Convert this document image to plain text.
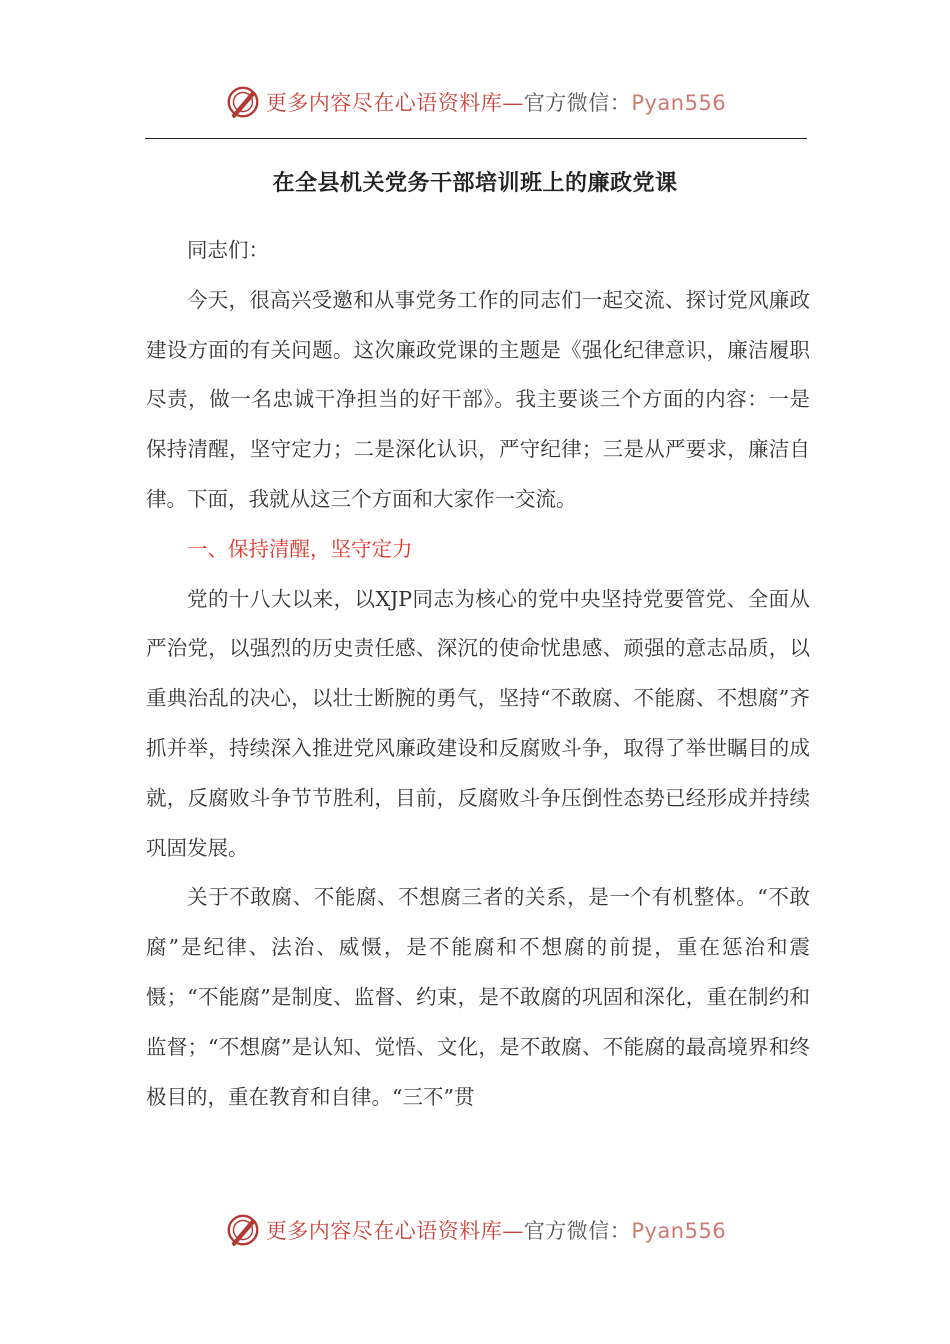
更多内容尽在心语资料库—官方微信：Pyan556
在全县机关党务干部培训班上的廉政党课

同志们：

今天，很高兴受邀和从事党务工作的同志们一起交流、探讨党风廉政建设方面的有关问题。这次廉政党课的主题是《强化纪律意识，廉洁履职尽责，做一名忠诚干净担当的好干部》。我主要谈三个方面的内容：一是保持清醒，坚守定力；二是深化认识，严守纪律；三是从严要求，廉洁自律。下面，我就从这三个方面和大家作一交流。

一、保持清醒，坚守定力

党的十八大以来，以XJP同志为核心的党中央坚持党要管党、全面从严治党，以强烈的历史责任感、深沉的使命忧患感、顽强的意志品质，以重典治乱的决心，以壮士断腕的勇气，坚持“不敢腐、不能腐、不想腐”齐抓并举，持续深入推进党风廉政建设和反腐败斗争，取得了举世瞩目的成就，反腐败斗争节节胜利，目前，反腐败斗争压倒性态势已经形成并持续巩固发展。

关于不敢腐、不能腐、不想腐三者的关系，是一个有机整体。“不敢腐”是纪律、法治、威慑，是不能腐和不想腐的前提，重在惩治和震慑；“不能腐”是制度、监督、约束，是不敢腐的巩固和深化，重在制约和监督；“不想腐”是认知、觉悟、文化，是不敢腐、不能腐的最高境界和终极目的，重在教育和自律。“三不”贯

更多内容尽在心语资料库—官方微信：Pyan556
